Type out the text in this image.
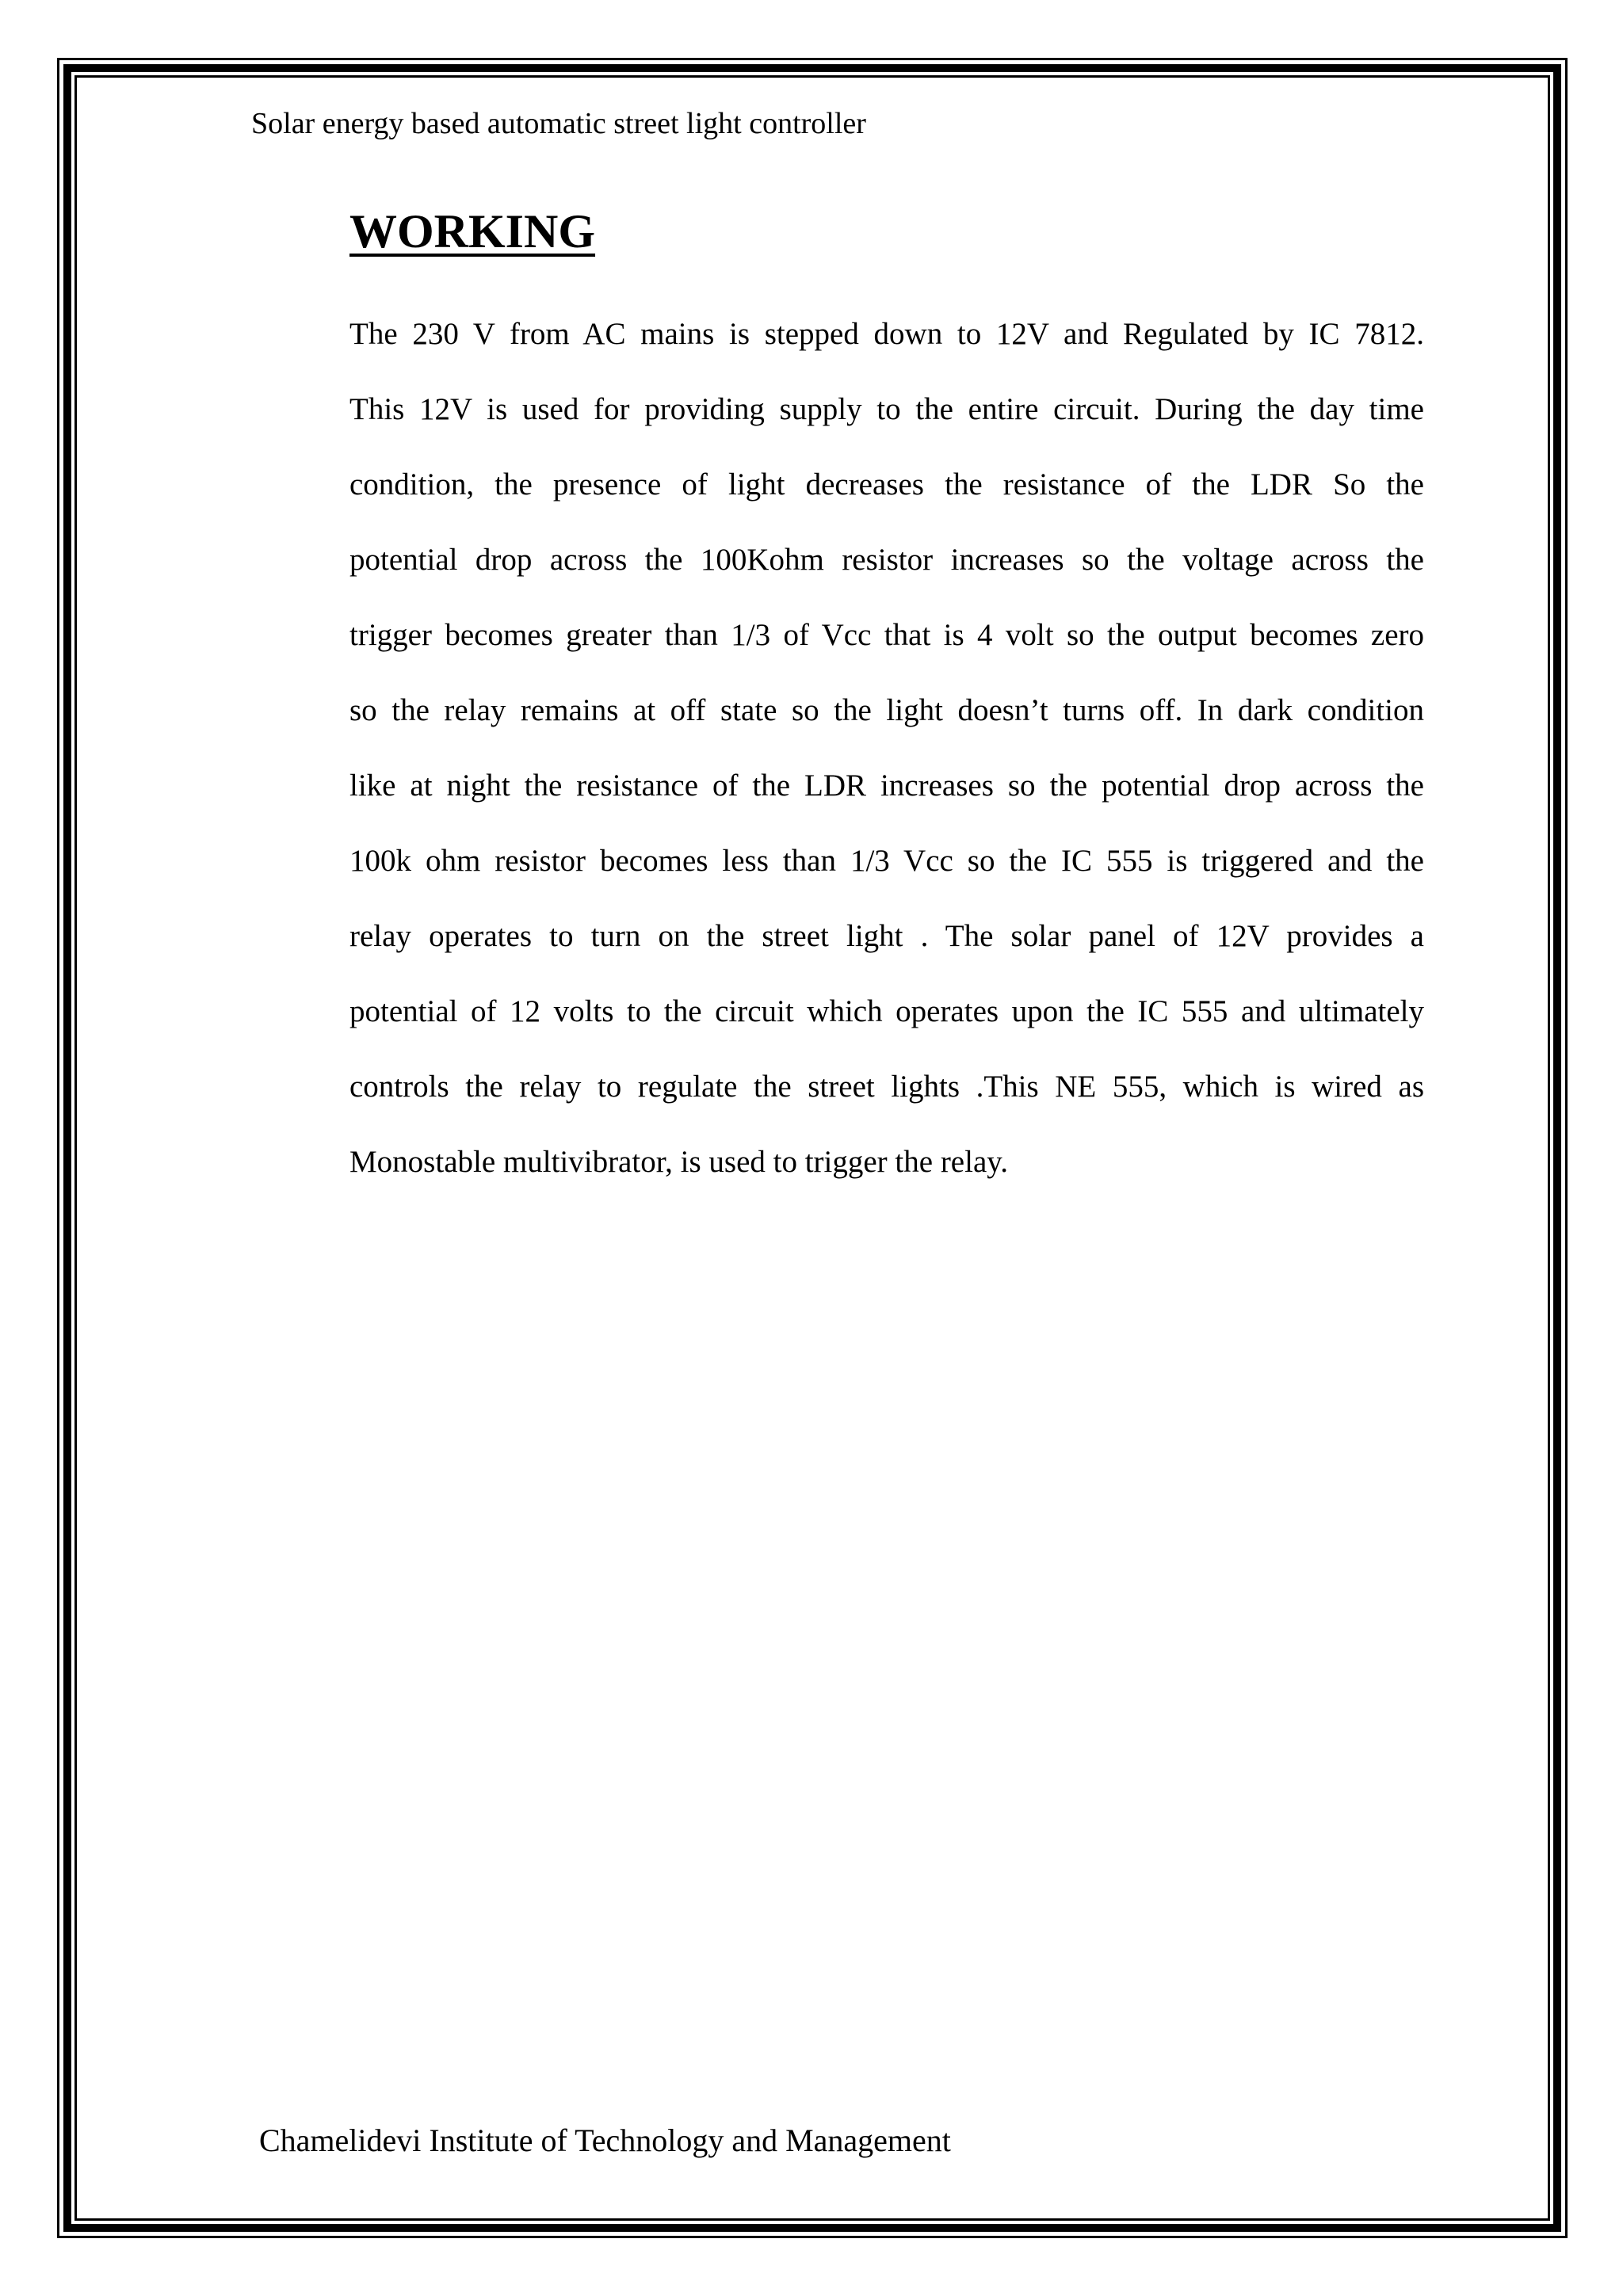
Solar energy based automatic street light controller
WORKING
The 230 V from AC mains is stepped down to 12V and Regulated by IC 7812.
This 12V is used for providing supply to the entire circuit. During the day time
condition, the presence of light decreases the resistance of the LDR So the
potential drop across the 100Kohm resistor increases so the voltage across the
trigger becomes greater than 1/3 of Vcc that is 4 volt so the output becomes zero
so the relay remains at off state so the light doesn’t turns off. In dark condition
like at night the resistance of the LDR increases so the potential drop across the
100k ohm resistor becomes less than 1/3 Vcc so the IC 555 is triggered and the
relay operates to turn on the street light . The solar panel of 12V provides a
potential of 12 volts to the circuit which operates upon the IC 555 and ultimately
controls the relay to regulate the street lights .This NE 555, which is wired as
Monostable multivibrator, is used to trigger the relay.
Chamelidevi Institute of Technology and Management
